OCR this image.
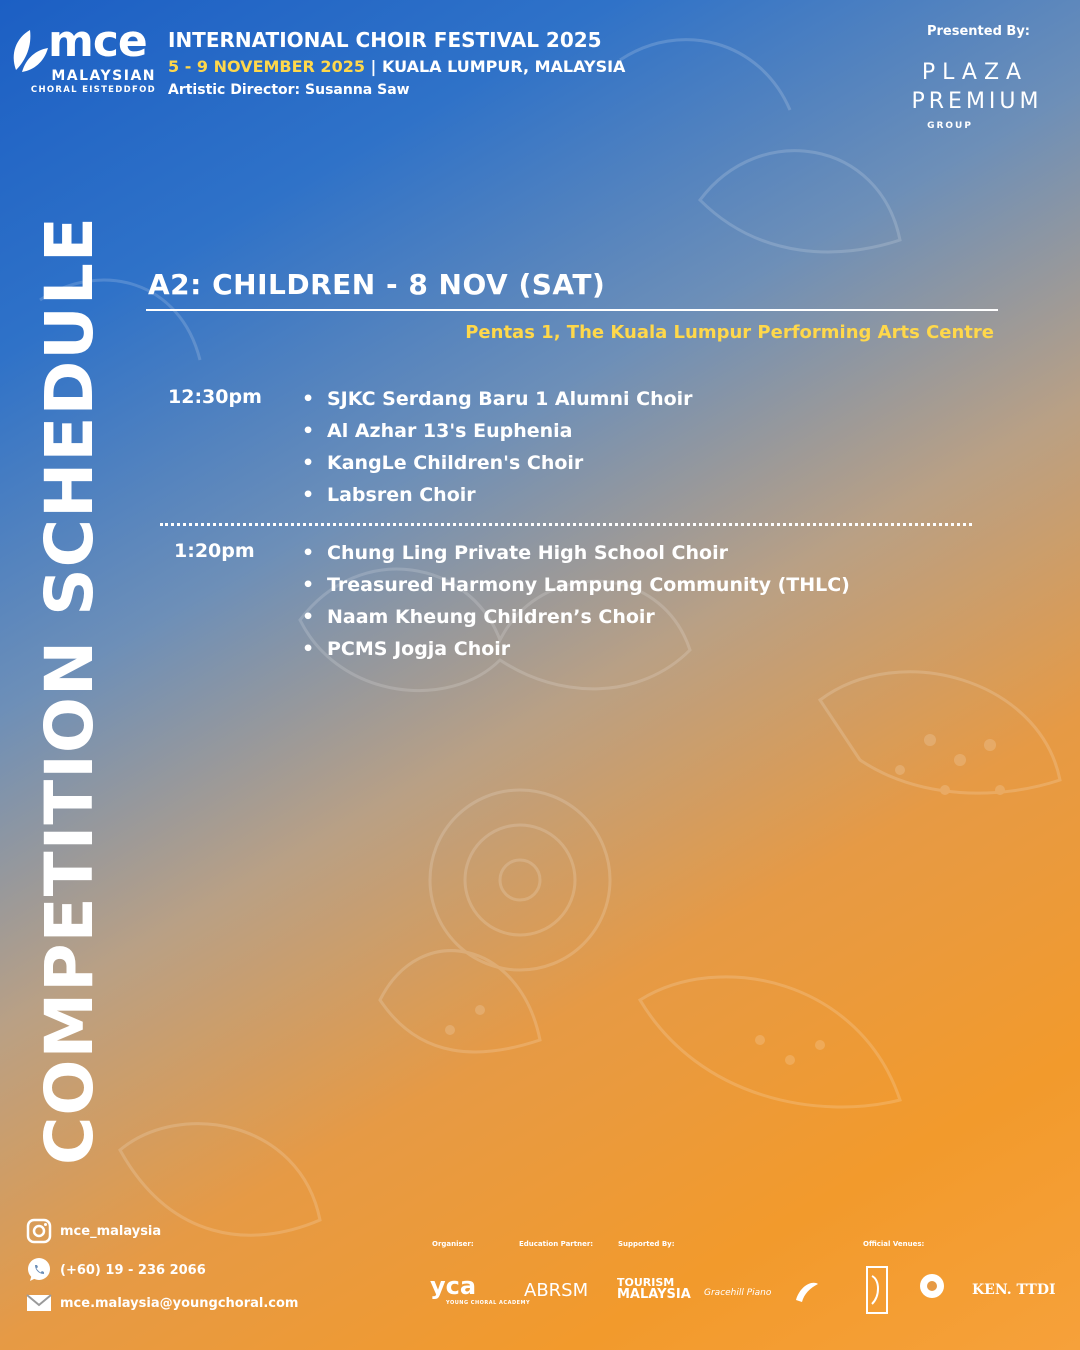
mce
MALAYSIAN
CHORAL EISTEDDFOD
INTERNATIONAL CHOIR FESTIVAL 2025
5 - 9 NOVEMBER 2025 | KUALA LUMPUR, MALAYSIA
Artistic Director: Susanna Saw
Presented By:
PLAZA
PREMIUM
GROUP
COMPETITION SCHEDULE A2: CHILDREN - 8 NOV (SAT)
Pentas 1, The Kuala Lumpur Performing Arts Centre
12:30pm • SJKC Serdang Baru 1 Alumni Choir
• Al Azhar 13's Euphenia
• KangLe Children's Choir
• Labsren Choir
1:20pm • Chung Ling Private High School Choir
• Treasured Harmony Lampung Community (THLC)
• Naam Kheung Children’s Choir
• PCMS Jogja Choir
mce_malaysia
(+60) 19 - 236 2066
mce.malaysia@youngchoral.com
Organiser:	Education Partner:	Supported By:	Official Venues:
yca
YOUNG CHORAL ACADEMY
ABRSM	TOURISM
MALAYSIA Gracehill Piano	KEN. TTDI
